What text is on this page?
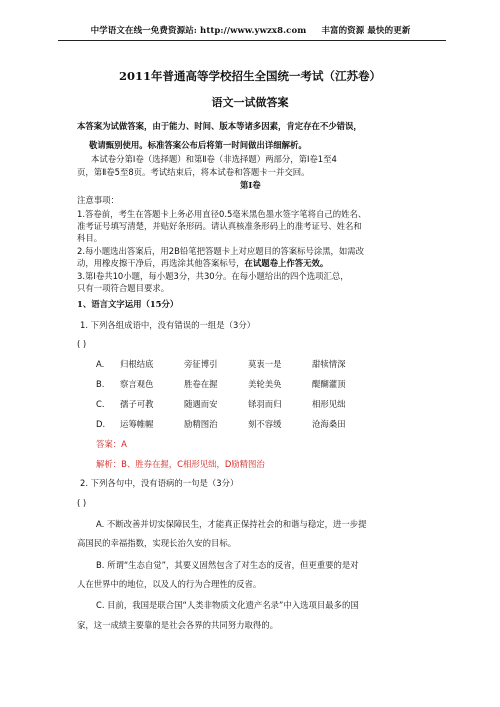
中学语文在线一免费资源站: http://www.ywzx8.com 丰富的资源 最快的更新
2011年普通高等学校招生全国统一考试（江苏卷）
语文一试做答案
本答案为试做答案，由于能力、时间、版本等诸多因素，肯定存在不少错误，
敬请甄别使用。标准答案公布后将第一时间做出详细解析。
本试卷分第Ⅰ卷（选择题）和第Ⅱ卷（非选择题）两部分，第Ⅰ卷1至4
页，第Ⅱ卷5至8页。考试结束后，将本试卷和答题卡一并交回。
第Ⅰ卷
注意事项：
1.答卷前，考生在答题卡上务必用直径0.5毫米黑色墨水签字笔将自己的姓名、
准考证号填写清楚，并贴好条形码。请认真核准条形码上的准考证号、姓名和
科目。
2.每小题选出答案后，用2B铅笔把答题卡上对应题目的答案标号涂黑，如需改
动，用橡皮擦干净后，再选涂其他答案标号，在试题卷上作答无效。
3.第Ⅰ卷共10小题，每小题3分，共30分。在每小题给出的四个选项汇总，
只有一项符合题目要求。
1、语言文字运用（15分）
1. 下列各组成语中，没有错误的一组是（3分）
( )
A. 归根结底	旁征博引	莫衷一是	甜犊情深
B. 察言观色	胜卷在握	美轮美奂	醍醐灌顶
C. 孺子可教	随遇而安	铩羽而归	相形见绌
D. 运筹帷幄	励精图治	刻不容缓	沧海桑田
答案：A
解析：B、胜券在握，C相形见绌，D励精图治
2. 下列各句中，没有语病的一句是（3分）
( )
A. 不断改善并切实保障民生，才能真正保持社会的和谐与稳定，进一步提
高国民的幸福指数，实现长治久安的目标。
B. 所谓“生态自觉”，其要义固然包含了对生态的反省，但更重要的是对
人在世界中的地位，以及人的行为合理性的反省。
C. 目前，我国是联合国“人类非物质文化遗产名录”中入选项目最多的国
家，这一成绩主要靠的是社会各界的共同努力取得的。
